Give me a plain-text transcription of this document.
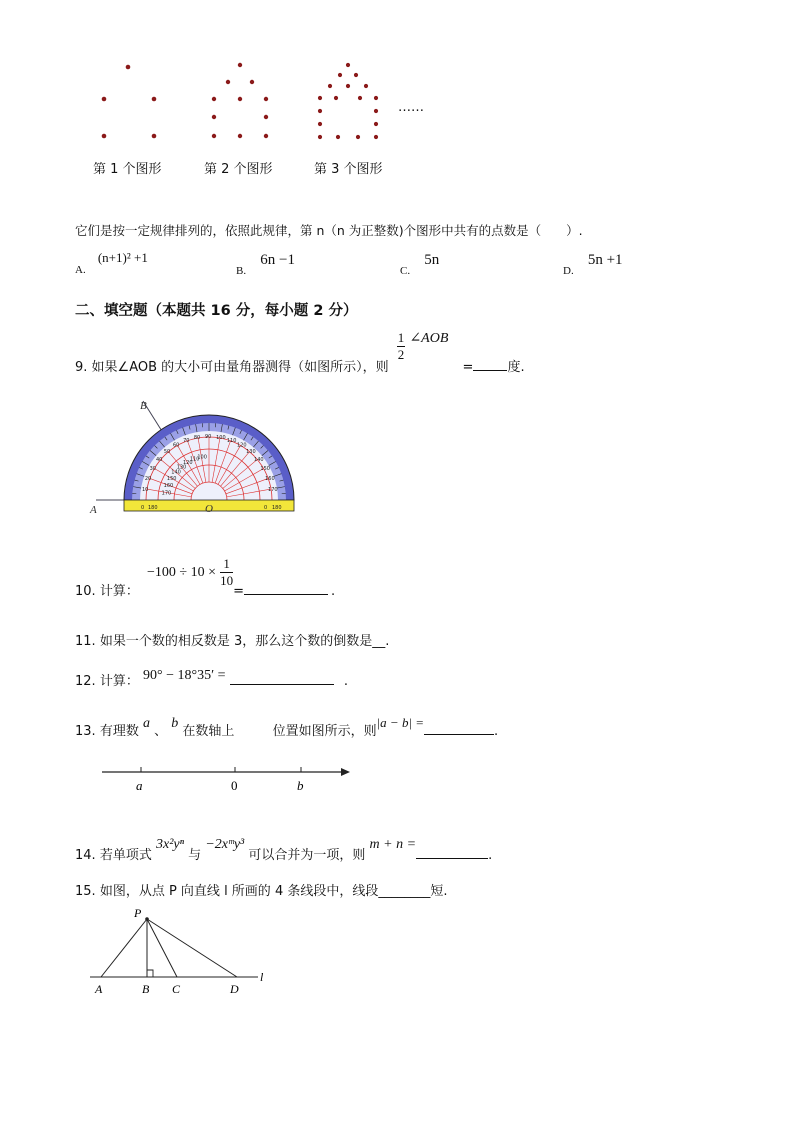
……
第 1 个图形	第 2 个图形	第 3 个图形
它们是按一定规律排列的，依照此规律，第 n（n 为正整数)个图形中共有的点数是（　　）.
$_{A.}$ (n+1)² +1
$_{B.}$ 6n −1
$_{C.}$ 5n
$_{D.}$ 5n +1
二、填空题（本题共 16 分，每小题 2 分）
9. 如果∠AOB 的大小可由量角器测得（如图所示），则
$\frac{1}{2}$ ∠AOB =	度.
0 180	0 180
B
A	O
10
20
30
40
50
60
70 80 90 100 110
120
130
140
150
160
170
170
160
150
140
130
120
110
100
10. 计算： $-100 \div 10 \times \frac{1}{10}$
=	.
11. 如果一个数的相反数是 3，那么这个数的倒数是__.
12. 计算： 90° − 18°35′ =	.
13. 有理数 a 、 b 在数轴上	位置如图所示，则|a − b| =.
a	0	b
14. 若单项式 3x²yⁿ 与 −2xᵐy³ 可以合并为一项，则 m + n =.
15. 如图，从点 P 向直线 l 所画的 4 条线段中，线段________短.
P
A	B C	D
l
